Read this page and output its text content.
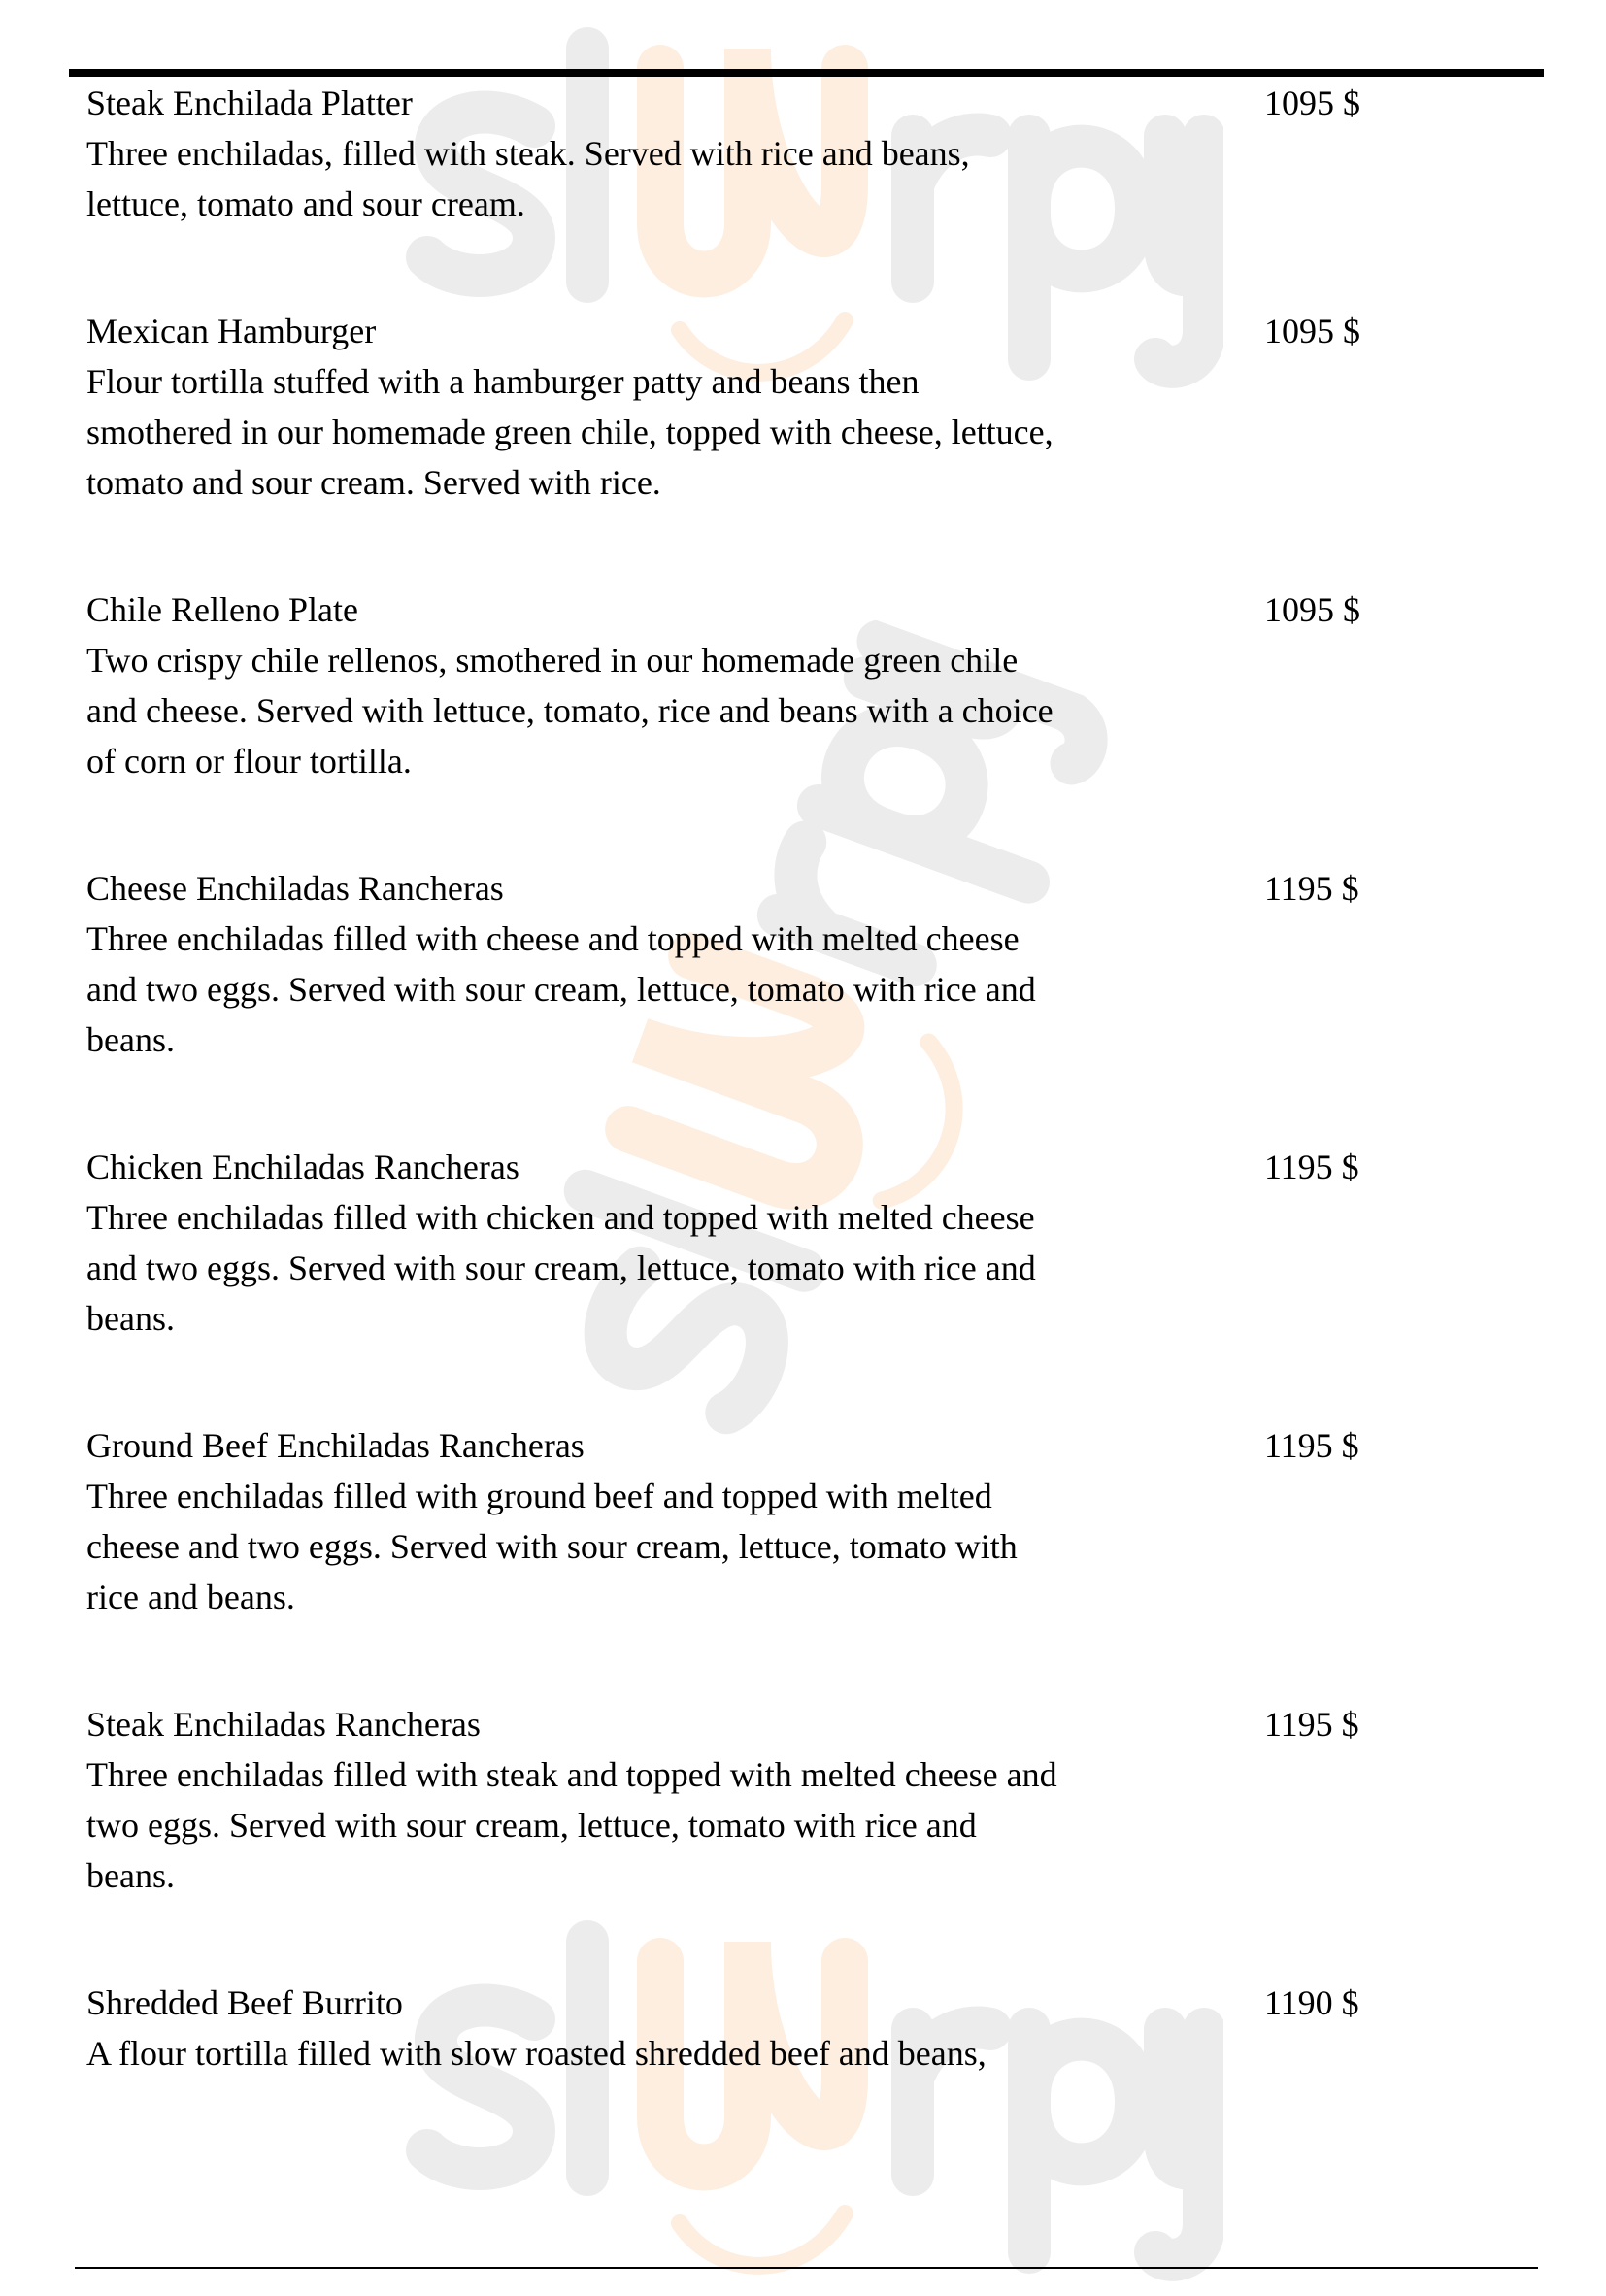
Steak Enchilada Platter	1095 $
Three enchiladas, filled with steak. Served with rice and beans,
lettuce, tomato and sour cream.
Mexican Hamburger	1095 $
Flour tortilla stuffed with a hamburger patty and beans then
smothered in our homemade green chile, topped with cheese, lettuce,
tomato and sour cream. Served with rice.
Chile Relleno Plate	1095 $
Two crispy chile rellenos, smothered in our homemade green chile
and cheese. Served with lettuce, tomato, rice and beans with a choice
of corn or flour tortilla.
Cheese Enchiladas Rancheras	1195 $
Three enchiladas filled with cheese and topped with melted cheese
and two eggs. Served with sour cream, lettuce, tomato with rice and
beans.
Chicken Enchiladas Rancheras	1195 $
Three enchiladas filled with chicken and topped with melted cheese
and two eggs. Served with sour cream, lettuce, tomato with rice and
beans.
Ground Beef Enchiladas Rancheras	1195 $
Three enchiladas filled with ground beef and topped with melted
cheese and two eggs. Served with sour cream, lettuce, tomato with
rice and beans.
Steak Enchiladas Rancheras	1195 $
Three enchiladas filled with steak and topped with melted cheese and
two eggs. Served with sour cream, lettuce, tomato with rice and
beans.
Shredded Beef Burrito	1190 $
A flour tortilla filled with slow roasted shredded beef and beans,
